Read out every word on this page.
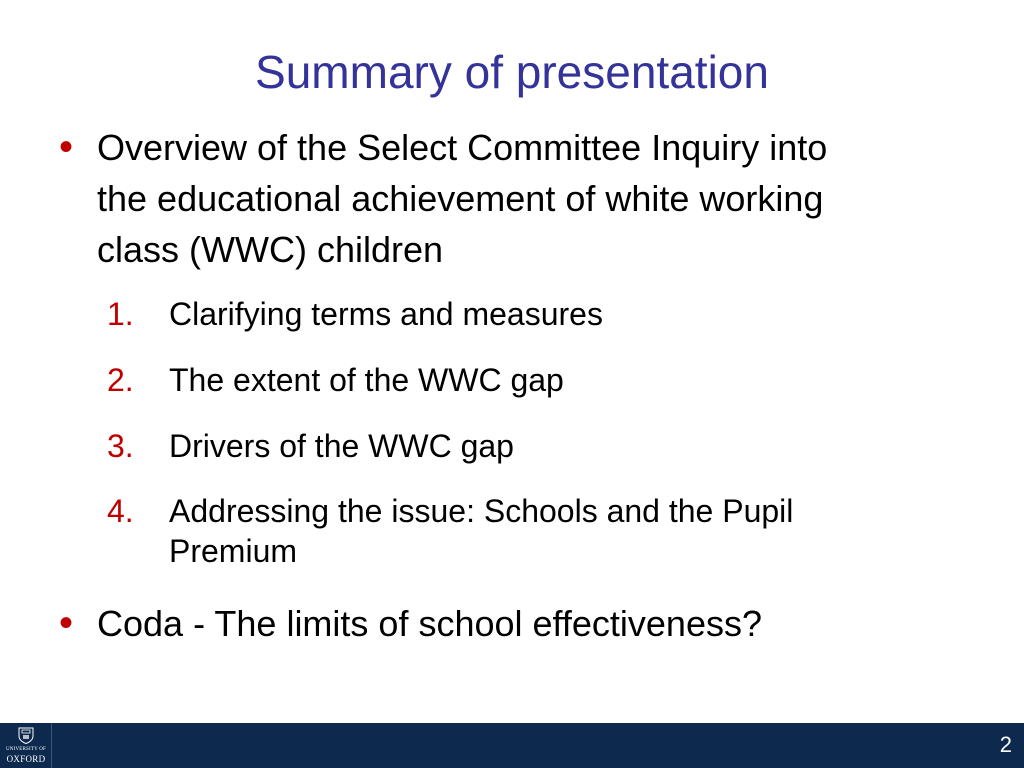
Summary of presentation
• Overview of the Select Committee Inquiry into
the educational achievement of white working
class (WWC) children
1.	Clarifying terms and measures
2.	The extent of the WWC gap
3.	Drivers of the WWC gap
4.	Addressing the issue: Schools and the Pupil
Premium
• Coda - The limits of school effectiveness?
UNIVERSITY OF
OXFORD
2
